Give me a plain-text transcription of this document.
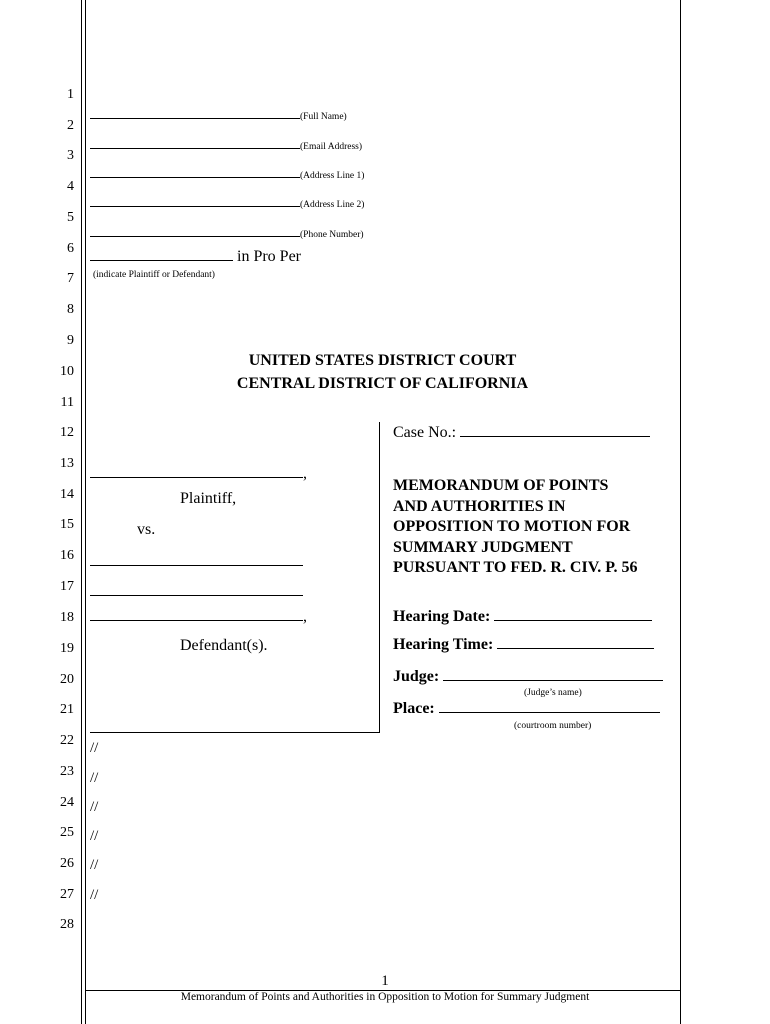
1
2
3
4
5
6
7
8
9
10
11
12
13
14
15
16
17
18
19
20
21
22
23
24
25
26
27
28
(Full Name)
(Email Address)
(Address Line 1)
(Address Line 2)
(Phone Number)
in Pro Per
(indicate Plaintiff or Defendant)
UNITED STATES DISTRICT COURT
CENTRAL DISTRICT OF CALIFORNIA
,
Plaintiff,
vs.
,
Defendant(s).
Case No.:
MEMORANDUM OF POINTS
AND AUTHORITIES IN
OPPOSITION TO MOTION FOR
SUMMARY JUDGMENT
PURSUANT TO FED. R. CIV. P. 56
Hearing Date:
Hearing Time:
Judge:
(Judge’s name)
Place:
(courtroom number)
//
//
//
//
//
//
1
Memorandum of Points and Authorities in Opposition to Motion for Summary Judgment
